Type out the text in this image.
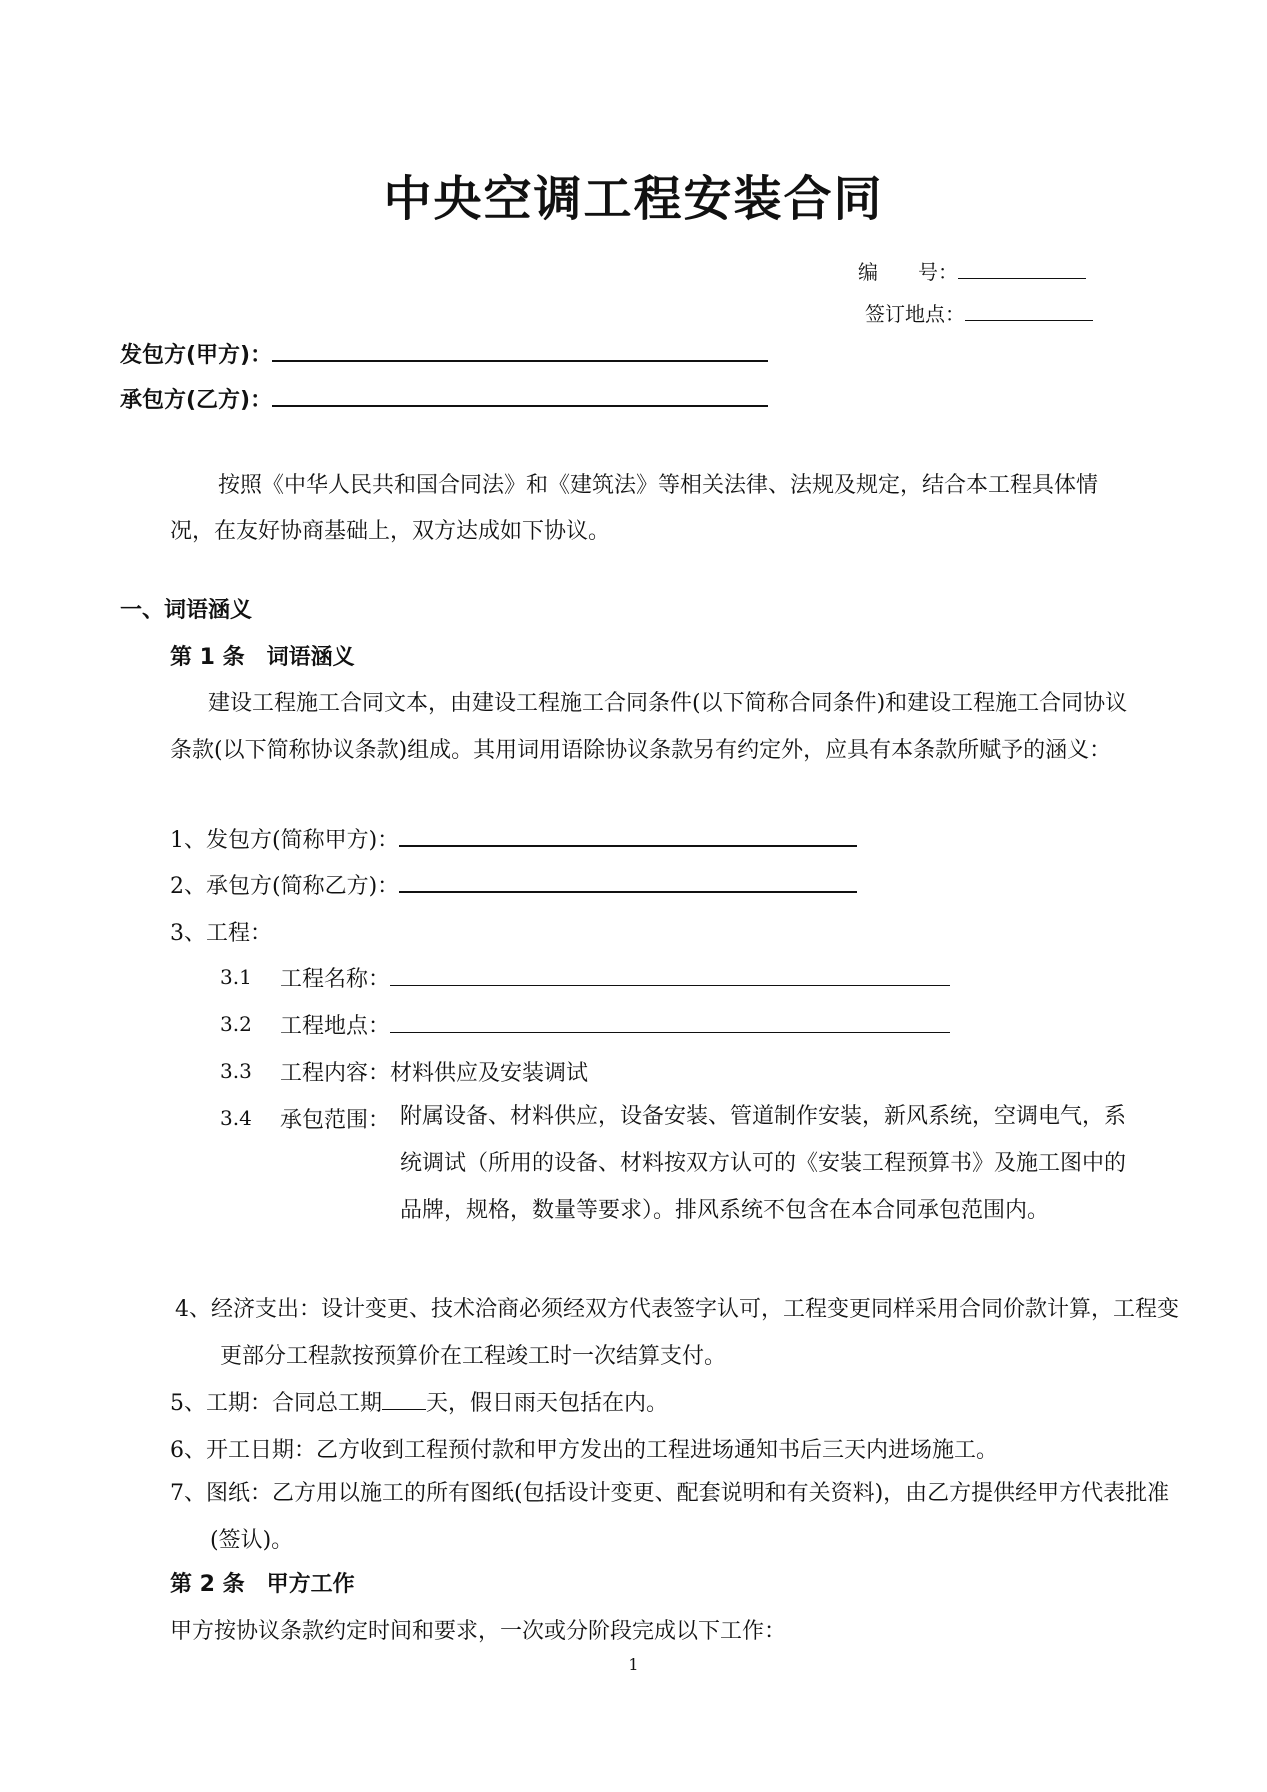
中央空调工程安装合同
编　　号：
签订地点：
发包方(甲方)：
承包方(乙方)：
按照《中华人民共和国合同法》和《建筑法》等相关法律、法规及规定，结合本工程具体情况，在友好协商基础上，双方达成如下协议。
一、词语涵义
第 1 条　词语涵义
建设工程施工合同文本，由建设工程施工合同条件(以下简称合同条件)和建设工程施工合同协议条款(以下简称协议条款)组成。其用词用语除协议条款另有约定外，应具有本条款所赋予的涵义：
1、发包方(简称甲方)：
2、承包方(简称乙方)：
3、工程：
3.1 工程名称：
3.2 工程地点：
3.3 工程内容：材料供应及安装调试
3.4 承包范围： 附属设备、材料供应，设备安装、管道制作安装，新风系统，空调电气，系统调试（所用的设备、材料按双方认可的《安装工程预算书》及施工图中的品牌，规格，数量等要求）。排风系统不包含在本合同承包范围内。
4、经济支出：设计变更、技术洽商必须经双方代表签字认可，工程变更同样采用合同价款计算，工程变更部分工程款按预算价在工程竣工时一次结算支付。
5、工期：合同总工期 天，假日雨天包括在内。
6、开工日期：乙方收到工程预付款和甲方发出的工程进场通知书后三天内进场施工。
7、图纸：乙方用以施工的所有图纸(包括设计变更、配套说明和有关资料)，由乙方提供经甲方代表批准(签认)。
第 2 条　甲方工作
甲方按协议条款约定时间和要求，一次或分阶段完成以下工作：
1
